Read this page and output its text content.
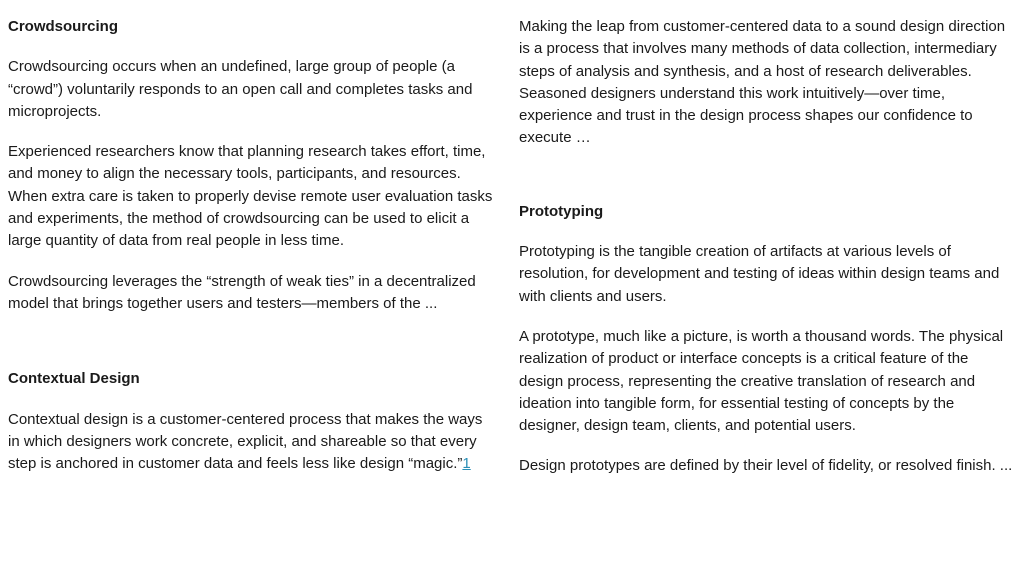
Crowdsourcing

Crowdsourcing occurs when an undefined, large group of people (a “crowd”) voluntarily responds to an open call and completes tasks and microprojects.

Experienced researchers know that planning research takes effort, time, and money to align the necessary tools, participants, and resources. When extra care is taken to properly devise remote user evaluation tasks and experiments, the method of crowdsourcing can be used to elicit a large quantity of data from real people in less time.

Crowdsourcing leverages the “strength of weak ties” in a decentralized model that brings together users and testers—members of the ...

Contextual Design

Contextual design is a customer-centered process that makes the ways in which designers work concrete, explicit, and shareable so that every step is anchored in customer data and feels less like design “magic.”1

Making the leap from customer-centered data to a sound design direction is a process that involves many methods of data collection, intermediary steps of analysis and synthesis, and a host of research deliverables. Seasoned designers understand this work intuitively—over time, experience and trust in the design process shapes our confidence to execute …

Prototyping

Prototyping is the tangible creation of artifacts at various levels of resolution, for development and testing of ideas within design teams and with clients and users.

A prototype, much like a picture, is worth a thousand words. The physical realization of product or interface concepts is a critical feature of the design process, representing the creative translation of research and ideation into tangible form, for essential testing of concepts by the designer, design team, clients, and potential users.

Design prototypes are defined by their level of fidelity, or resolved finish. ...
